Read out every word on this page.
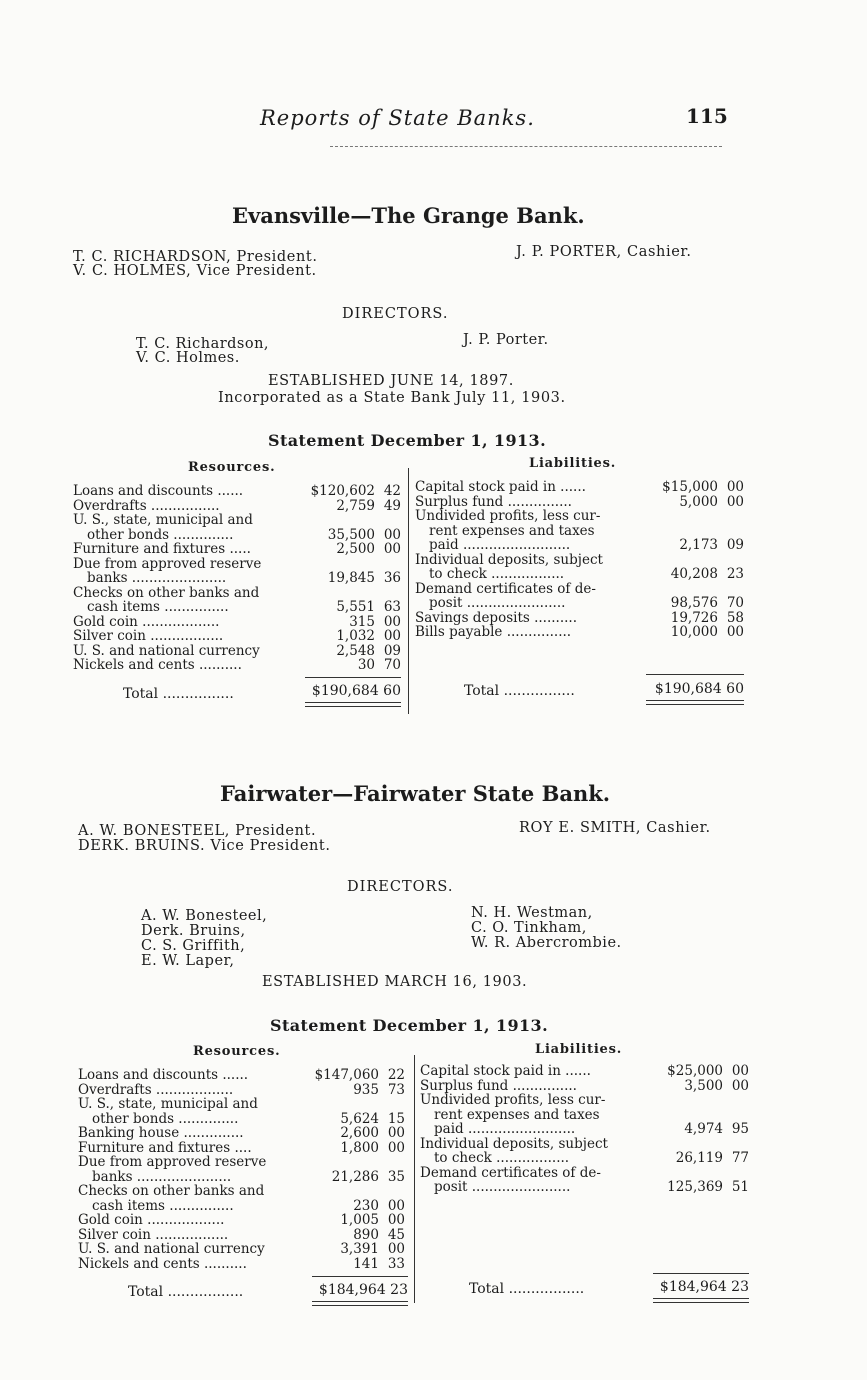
Reports of State Banks.	115
Evansville—The Grange Bank.
T. C. RICHARDSON, President.
V. C. HOLMES, Vice President.
J. P. PORTER, Cashier.
DIRECTORS.
T. C. Richardson,
V. C. Holmes.
J. P. Porter.
ESTABLISHED JUNE 14, 1897.
Incorporated as a State Bank July 11, 1903.
Statement December 1, 1913.
Resources.	Liabilities.
Loans and discounts ......	$120,602 42
Overdrafts ................	2,759 49
U. S., state, municipal and
other bonds ..............	35,500 00
Furniture and fixtures .....	2,500 00
Due from approved reserve
banks ......................	19,845 36
Checks on other banks and
cash items ...............	5,551 63
Gold coin ..................	315 00
Silver coin .................	1,032 00
U. S. and national currency	2,548 09
Nickels and cents ..........	30 70
Capital stock paid in ......	$15,000 00
Surplus fund ...............	5,000 00
Undivided profits, less cur-
rent expenses and taxes
paid .........................	2,173 09
Individual deposits, subject
to check .................	40,208 23
Demand certificates of de-
posit .......................	98,576 70
Savings deposits ..........	19,726 58
Bills payable ...............	10,000 00
Total ................	$190,684 60	Total ................	$190,684 60
Fairwater—Fairwater State Bank.
A. W. BONESTEEL, President.
DERK. BRUINS. Vice President.
ROY E. SMITH, Cashier.
DIRECTORS.
A. W. Bonesteel,
Derk. Bruins,
C. S. Griffith,
E. W. Laper,
N. H. Westman,
C. O. Tinkham,
W. R. Abercrombie.
ESTABLISHED MARCH 16, 1903.
Statement December 1, 1913.
Resources.	Liabilities.
Loans and discounts ......	$147,060 22
Overdrafts ..................	935 73
U. S., state, municipal and
other bonds ..............	5,624 15
Banking house ..............	2,600 00
Furniture and fixtures ....	1,800 00
Due from approved reserve
banks ......................	21,286 35
Checks on other banks and
cash items ...............	230 00
Gold coin ..................	1,005 00
Silver coin .................	890 45
U. S. and national currency	3,391 00
Nickels and cents ..........	141 33
Capital stock paid in ......	$25,000 00
Surplus fund ...............	3,500 00
Undivided profits, less cur-
rent expenses and taxes
paid .........................	4,974 95
Individual deposits, subject
to check .................	26,119 77
Demand certificates of de-
posit .......................	125,369 51
Total .................	$184,964 23	Total .................	$184,964 23
